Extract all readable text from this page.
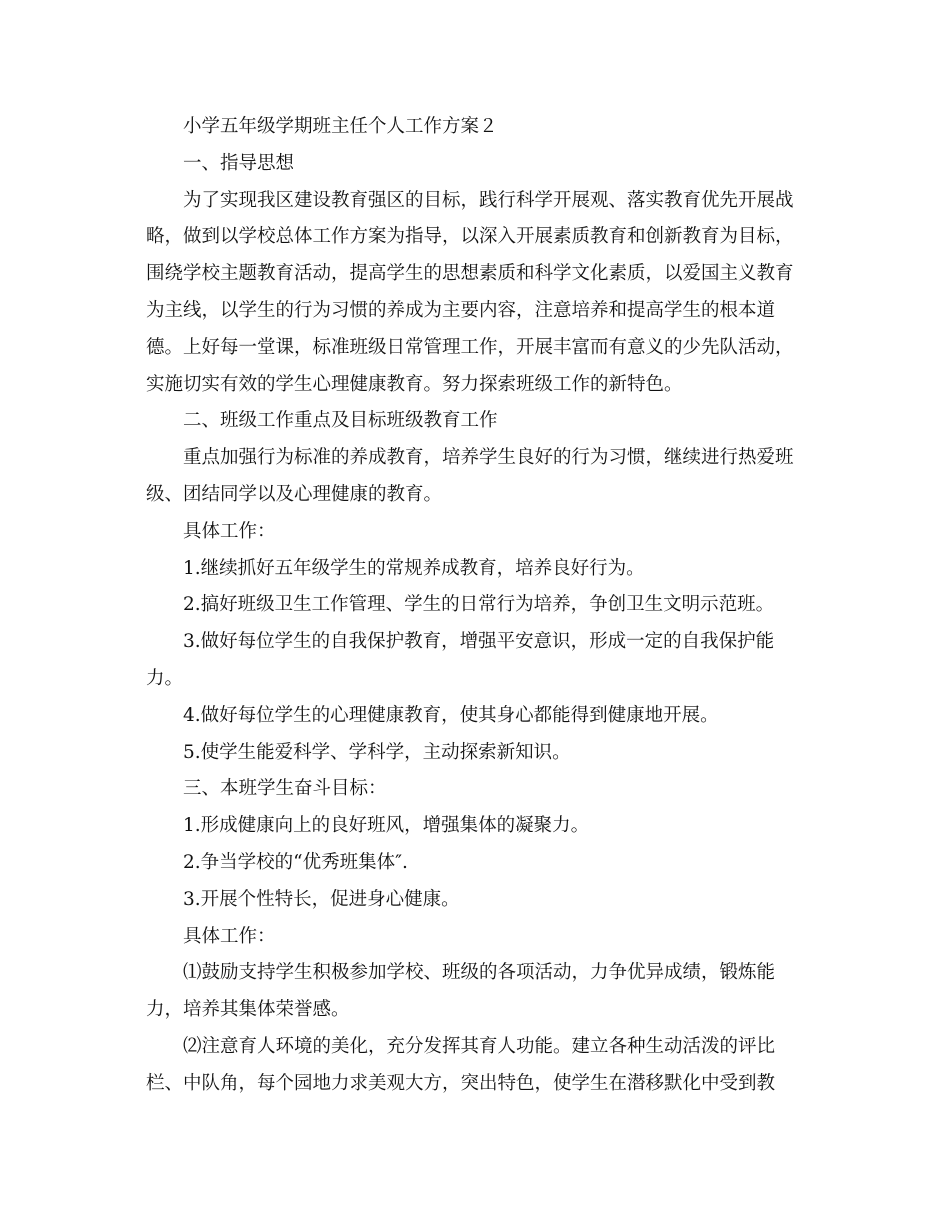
小学五年级学期班主任个人工作方案２
一、指导思想
为了实现我区建设教育强区的目标，践行科学开展观、落实教育优先开展战
略，做到以学校总体工作方案为指导，以深入开展素质教育和创新教育为目标，
围绕学校主题教育活动，提高学生的思想素质和科学文化素质，以爱国主义教育
为主线，以学生的行为习惯的养成为主要内容，注意培养和提高学生的根本道
德。上好每一堂课，标准班级日常管理工作，开展丰富而有意义的少先队活动，
实施切实有效的学生心理健康教育。努力探索班级工作的新特色。
二、班级工作重点及目标班级教育工作
重点加强行为标准的养成教育，培养学生良好的行为习惯，继续进行热爱班
级、团结同学以及心理健康的教育。
具体工作：
1.继续抓好五年级学生的常规养成教育，培养良好行为。
2.搞好班级卫生工作管理、学生的日常行为培养，争创卫生文明示范班。
3.做好每位学生的自我保护教育，增强平安意识，形成一定的自我保护能
力。
4.做好每位学生的心理健康教育，使其身心都能得到健康地开展。
5.使学生能爱科学、学科学，主动探索新知识。
三、本班学生奋斗目标：
1.形成健康向上的良好班风，增强集体的凝聚力。
2.争当学校的“优秀班集体″.
3.开展个性特长，促进身心健康。
具体工作：
⑴鼓励支持学生积极参加学校、班级的各项活动，力争优异成绩，锻炼能
力，培养其集体荣誉感。
⑵注意育人环境的美化，充分发挥其育人功能。建立各种生动活泼的评比
栏、中队角，每个园地力求美观大方，突出特色，使学生在潜移默化中受到教
